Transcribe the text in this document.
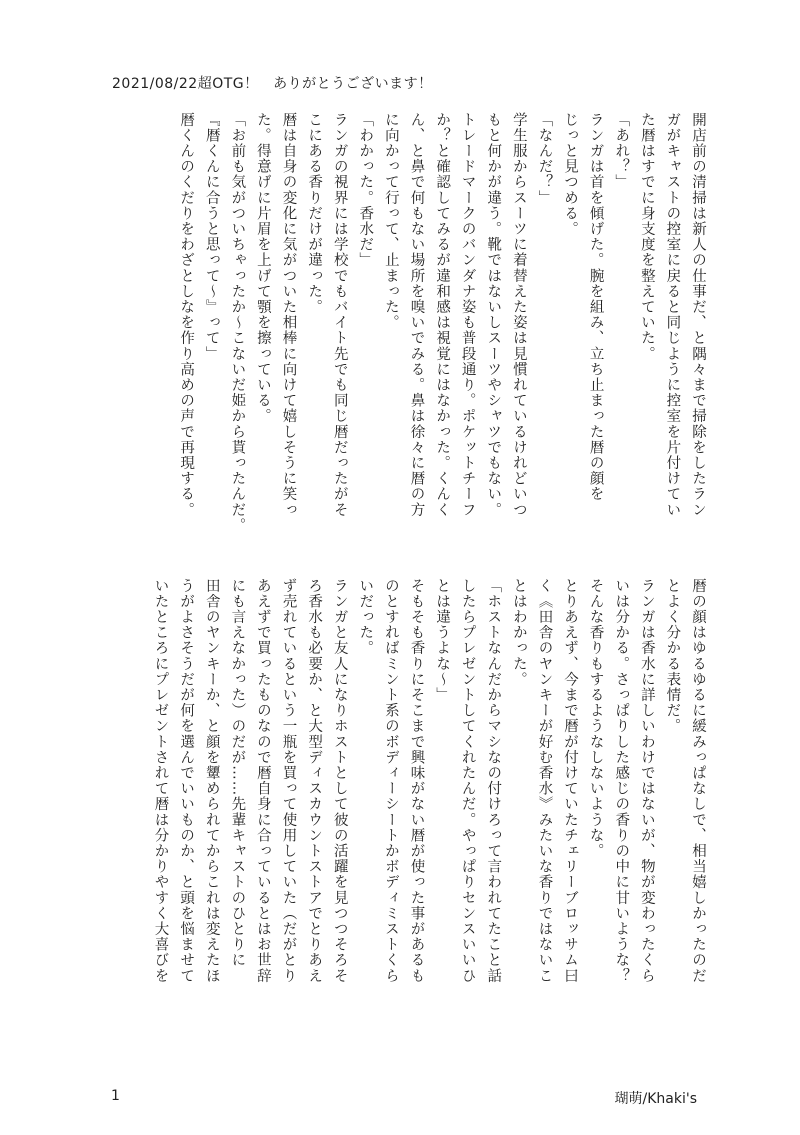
2021/08/22超OTG！　ありがとうございます！
開店前の清掃は新人の仕事だ、と隅々まで掃除をしたラン
ガがキャストの控室に戻ると同じように控室を片付けてい
た暦はすでに身支度を整えていた。
「あれ？」
ランガは首を傾げた。腕を組み、立ち止まった暦の顔を
じっと見つめる。
「なんだ？」
学生服からスーツに着替えた姿は見慣れているけれどいつ
もと何かが違う。靴ではないしスーツやシャツでもない。
トレードマークのバンダナ姿も普段通り。ポケットチーフ
か？と確認してみるが違和感は視覚にはなかった。くんく
ん、と鼻で何もない場所を嗅いでみる。鼻は徐々に暦の方
に向かって行って、止まった。
「わかった。香水だ」
ランガの視界には学校でもバイト先でも同じ暦だったがそ
こにある香りだけが違った。
暦は自身の変化に気がついた相棒に向けて嬉しそうに笑っ
た。得意げに片眉を上げて顎を擦っている。
「お前も気がついちゃったか〜こないだ姫から貰ったんだ。
『暦くんに合うと思って〜』って」
暦くんのくだりをわざとしなを作り高めの声で再現する。
暦の顔はゆるゆるに緩みっぱなしで、相当嬉しかったのだ
とよく分かる表情だ。
ランガは香水に詳しいわけではないが、物が変わったくら
いは分かる。さっぱりした感じの香りの中に甘いような？
そんな香りもするようなしないような。
とりあえず、今まで暦が付けていたチェリーブロッサム曰
く《田舎のヤンキーが好む香水》みたいな香りではないこ
とはわかった。
「ホストなんだからマシなの付けろって言われてたこと話
したらプレゼントしてくれたんだ。やっぱりセンスいいひ
とは違うよな〜」
そもそも香りにそこまで興味がない暦が使った事があるも
のとすればミント系のボディーシートかボディミストくら
いだった。
ランガと友人になりホストとして彼の活躍を見つつそろそ
ろ香水も必要か、と大型ディスカウントストアでとりあえ
ず売れているという一瓶を買って使用していた（だがとり
あえずで買ったものなので暦自身に合っているとはお世辞
にも言えなかった）のだが……先輩キャストのひとりに
田舎のヤンキーか、と顔を顰められてからこれは変えたほ
うがよさそうだが何を選んでいいものか、と頭を悩ませて
いたところにプレゼントされて暦は分かりやすく大喜びを
1	瑚萌/Khaki's
